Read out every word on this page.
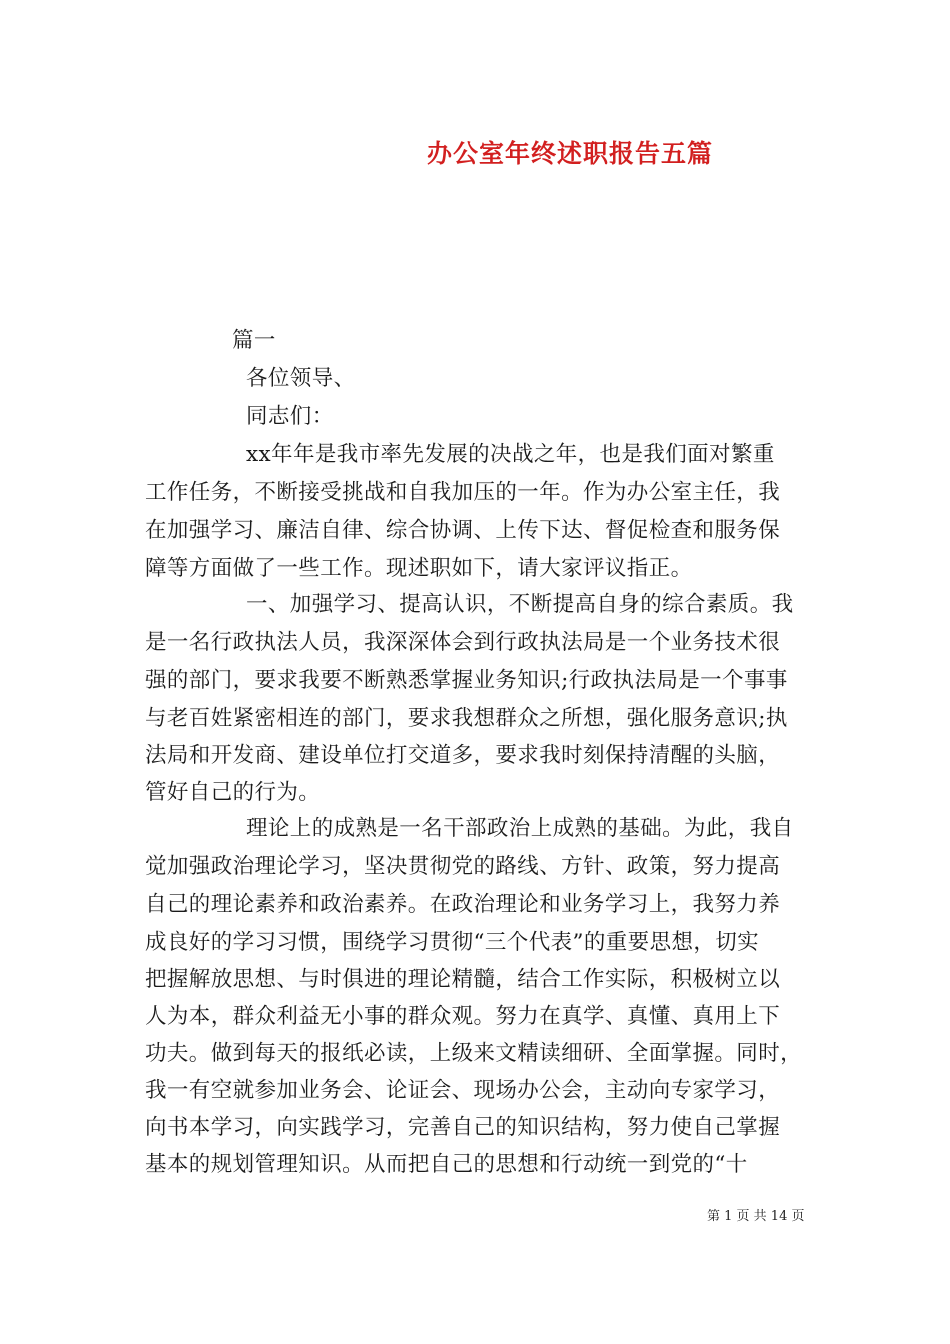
办公室年终述职报告五篇
篇一
各位领导、
同志们：
xx年年是我市率先发展的决战之年，也是我们面对繁重
工作任务，不断接受挑战和自我加压的一年。作为办公室主任，我
在加强学习、廉洁自律、综合协调、上传下达、督促检查和服务保
障等方面做了一些工作。现述职如下，请大家评议指正。
一、加强学习、提高认识，不断提高自身的综合素质。我
是一名行政执法人员，我深深体会到行政执法局是一个业务技术很
强的部门，要求我要不断熟悉掌握业务知识;行政执法局是一个事事
与老百姓紧密相连的部门，要求我想群众之所想，强化服务意识;执
法局和开发商、建设单位打交道多，要求我时刻保持清醒的头脑，
管好自己的行为。
理论上的成熟是一名干部政治上成熟的基础。为此，我自
觉加强政治理论学习，坚决贯彻党的路线、方针、政策，努力提高
自己的理论素养和政治素养。在政治理论和业务学习上，我努力养
成良好的学习习惯，围绕学习贯彻“三个代表”的重要思想，切实
把握解放思想、与时俱进的理论精髓，结合工作实际，积极树立以
人为本，群众利益无小事的群众观。努力在真学、真懂、真用上下
功夫。做到每天的报纸必读，上级来文精读细研、全面掌握。同时，
我一有空就参加业务会、论证会、现场办公会，主动向专家学习，
向书本学习，向实践学习，完善自己的知识结构，努力使自己掌握
基本的规划管理知识。从而把自己的思想和行动统一到党的“十
第 1 页 共 14 页
